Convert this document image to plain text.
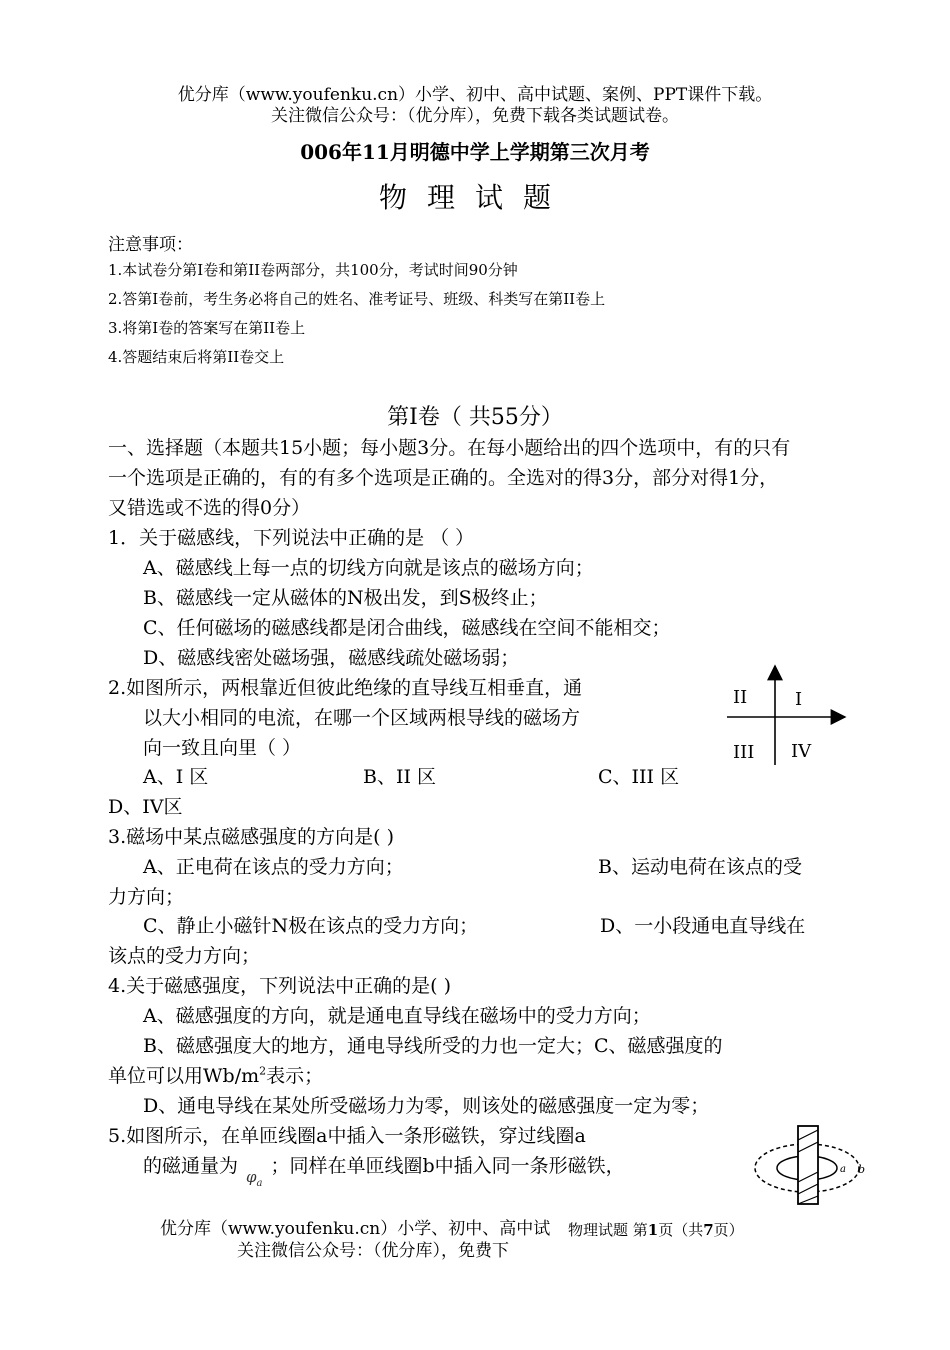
优分库（www.youfenku.cn）小学、初中、高中试题、案例、PPT课件下载。
关注微信公众号：（优分库），免费下载各类试题试卷。
006年11月明德中学上学期第三次月考
物理试题
注意事项：
1.本试卷分第I卷和第II卷两部分，共100分，考试时间90分钟
2.答第I卷前，考生务必将自己的姓名、准考证号、班级、科类写在第II卷上
3.将第I卷的答案写在第II卷上
4.答题结束后将第II卷交上
第I卷（ 共55分）
一、选择题（本题共15小题；每小题3分。在每小题给出的四个选项中，有的只有
一个选项是正确的，有的有多个选项是正确的。全选对的得3分，部分对得1分，
又错选或不选的得0分）
1．关于磁感线，下列说法中正确的是 （ ）
A、磁感线上每一点的切线方向就是该点的磁场方向；
B、磁感线一定从磁体的N极出发，到S极终止；
C、任何磁场的磁感线都是闭合曲线，磁感线在空间不能相交；
D、磁感线密处磁场强，磁感线疏处磁场弱；
2.如图所示，两根靠近但彼此绝缘的直导线互相垂直，通
以大小相同的电流，在哪一个区域两根导线的磁场方
向一致且向里（ ）
A、I 区	B、II 区	C、III 区
D、IV区
II	I
III IV
3.磁场中某点磁感强度的方向是( )
A、正电荷在该点的受力方向；	B、运动电荷在该点的受
力方向；
C、静止小磁针N极在该点的受力方向；	D、一小段通电直导线在
该点的受力方向；
4.关于磁感强度，下列说法中正确的是( )
A、磁感强度的方向，就是通电直导线在磁场中的受力方向；
B、磁感强度大的地方，通电导线所受的力也一定大；C、磁感强度的
单位可以用$Wb/m^2$表示；
D、通电导线在某处所受磁场力为零，则该处的磁感强度一定为零；
5.如图所示，在单匝线圈a中插入一条形磁铁，穿过线圈a
的磁通量为 $\varphi_a$；同样在单匝线圈b中插入同一条形磁铁，	a b
优分库（www.youfenku.cn）小学、初中、高中试
关注微信公众号：（优分库），免费下
物理试题 第1页（共7页）
